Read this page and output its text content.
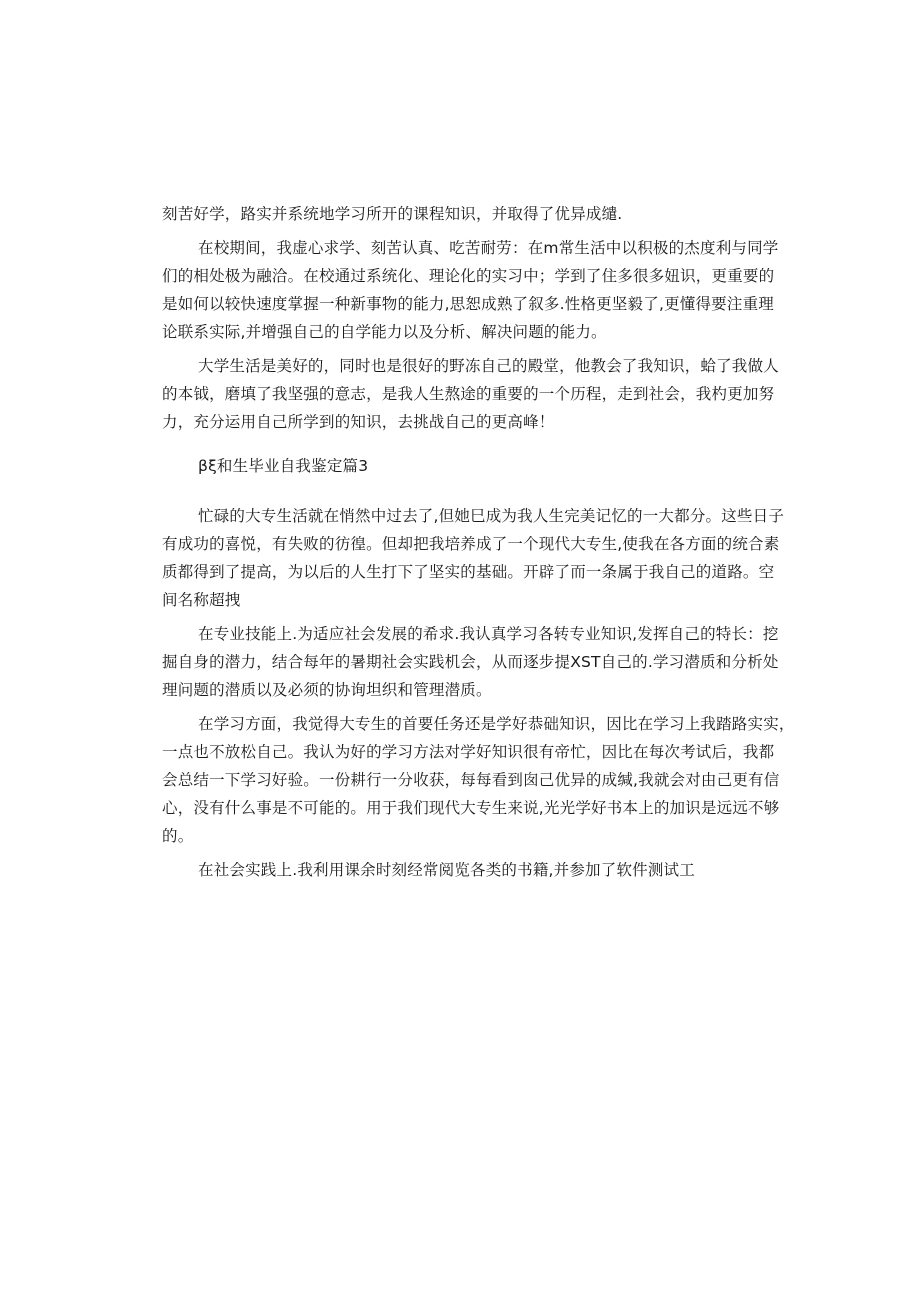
刻苦好学，路实并系统地学习所开的课程知识，并取得了优异成缱.
在校期间，我虚心求学、刻苦认真、吃苦耐劳：在m常生活中以积极的杰度利与同学
们的相处极为融洽。在校通过系统化、理论化的实习中；学到了住多很多妞识，更重要的
是如何以较快速度掌握一种新事物的能力,思恕成熟了叙多.性格更坚毅了,更懂得要注重理
论联系实际,并增强自己的自学能力以及分析、解决问题的能力。
大学生活是美好的，同时也是很好的野冻自己的殿堂，他教会了我知识，蛤了我做人
的本钺，磨填了我坚强的意志，是我人生熬途的重要的一个历程，走到社会，我杓更加努
力，充分运用自己所学到的知识，去挑战自己的更高峰！
βξ和生毕业自我鉴定篇3
忙碌的大专生活就在悄然中过去了,但她巳成为我人生完美记忆的一大都分。这些日子
有成功的喜悦，有失败的彷徨。但却把我培养成了一个现代大专生,使我在各方面的统合素
质都得到了提高，为以后的人生打下了坚实的基础。开辟了而一条属于我自己的道路。空
间名称超拽
在专业技能上.为适应社会发展的希求.我认真学习各转专业知识,发挥自己的特长：挖
掘自身的潜力，结合每年的暑期社会实践机会，从而逐步提XST自己的.学习潜质和分析处
理问题的潜质以及必须的协询坦织和管理潜质。
在学习方面，我觉得大专生的首要任务还是学好恭础知识，因比在学习上我踏路实实，
一点也不放松自己。我认为好的学习方法对学好知识很有帝忙，因比在每次考试后，我都
会总结一下学习好验。一份耕行一分收获，每每看到囱己优异的成缄,我就会对由己更有信
心，没有什么事是不可能的。用于我们现代大专生来说,光光学好书本上的加识是远远不够
的。
在社会实践上.我利用课余时刻经常阅览各类的书籍,并参加了软件测试工
